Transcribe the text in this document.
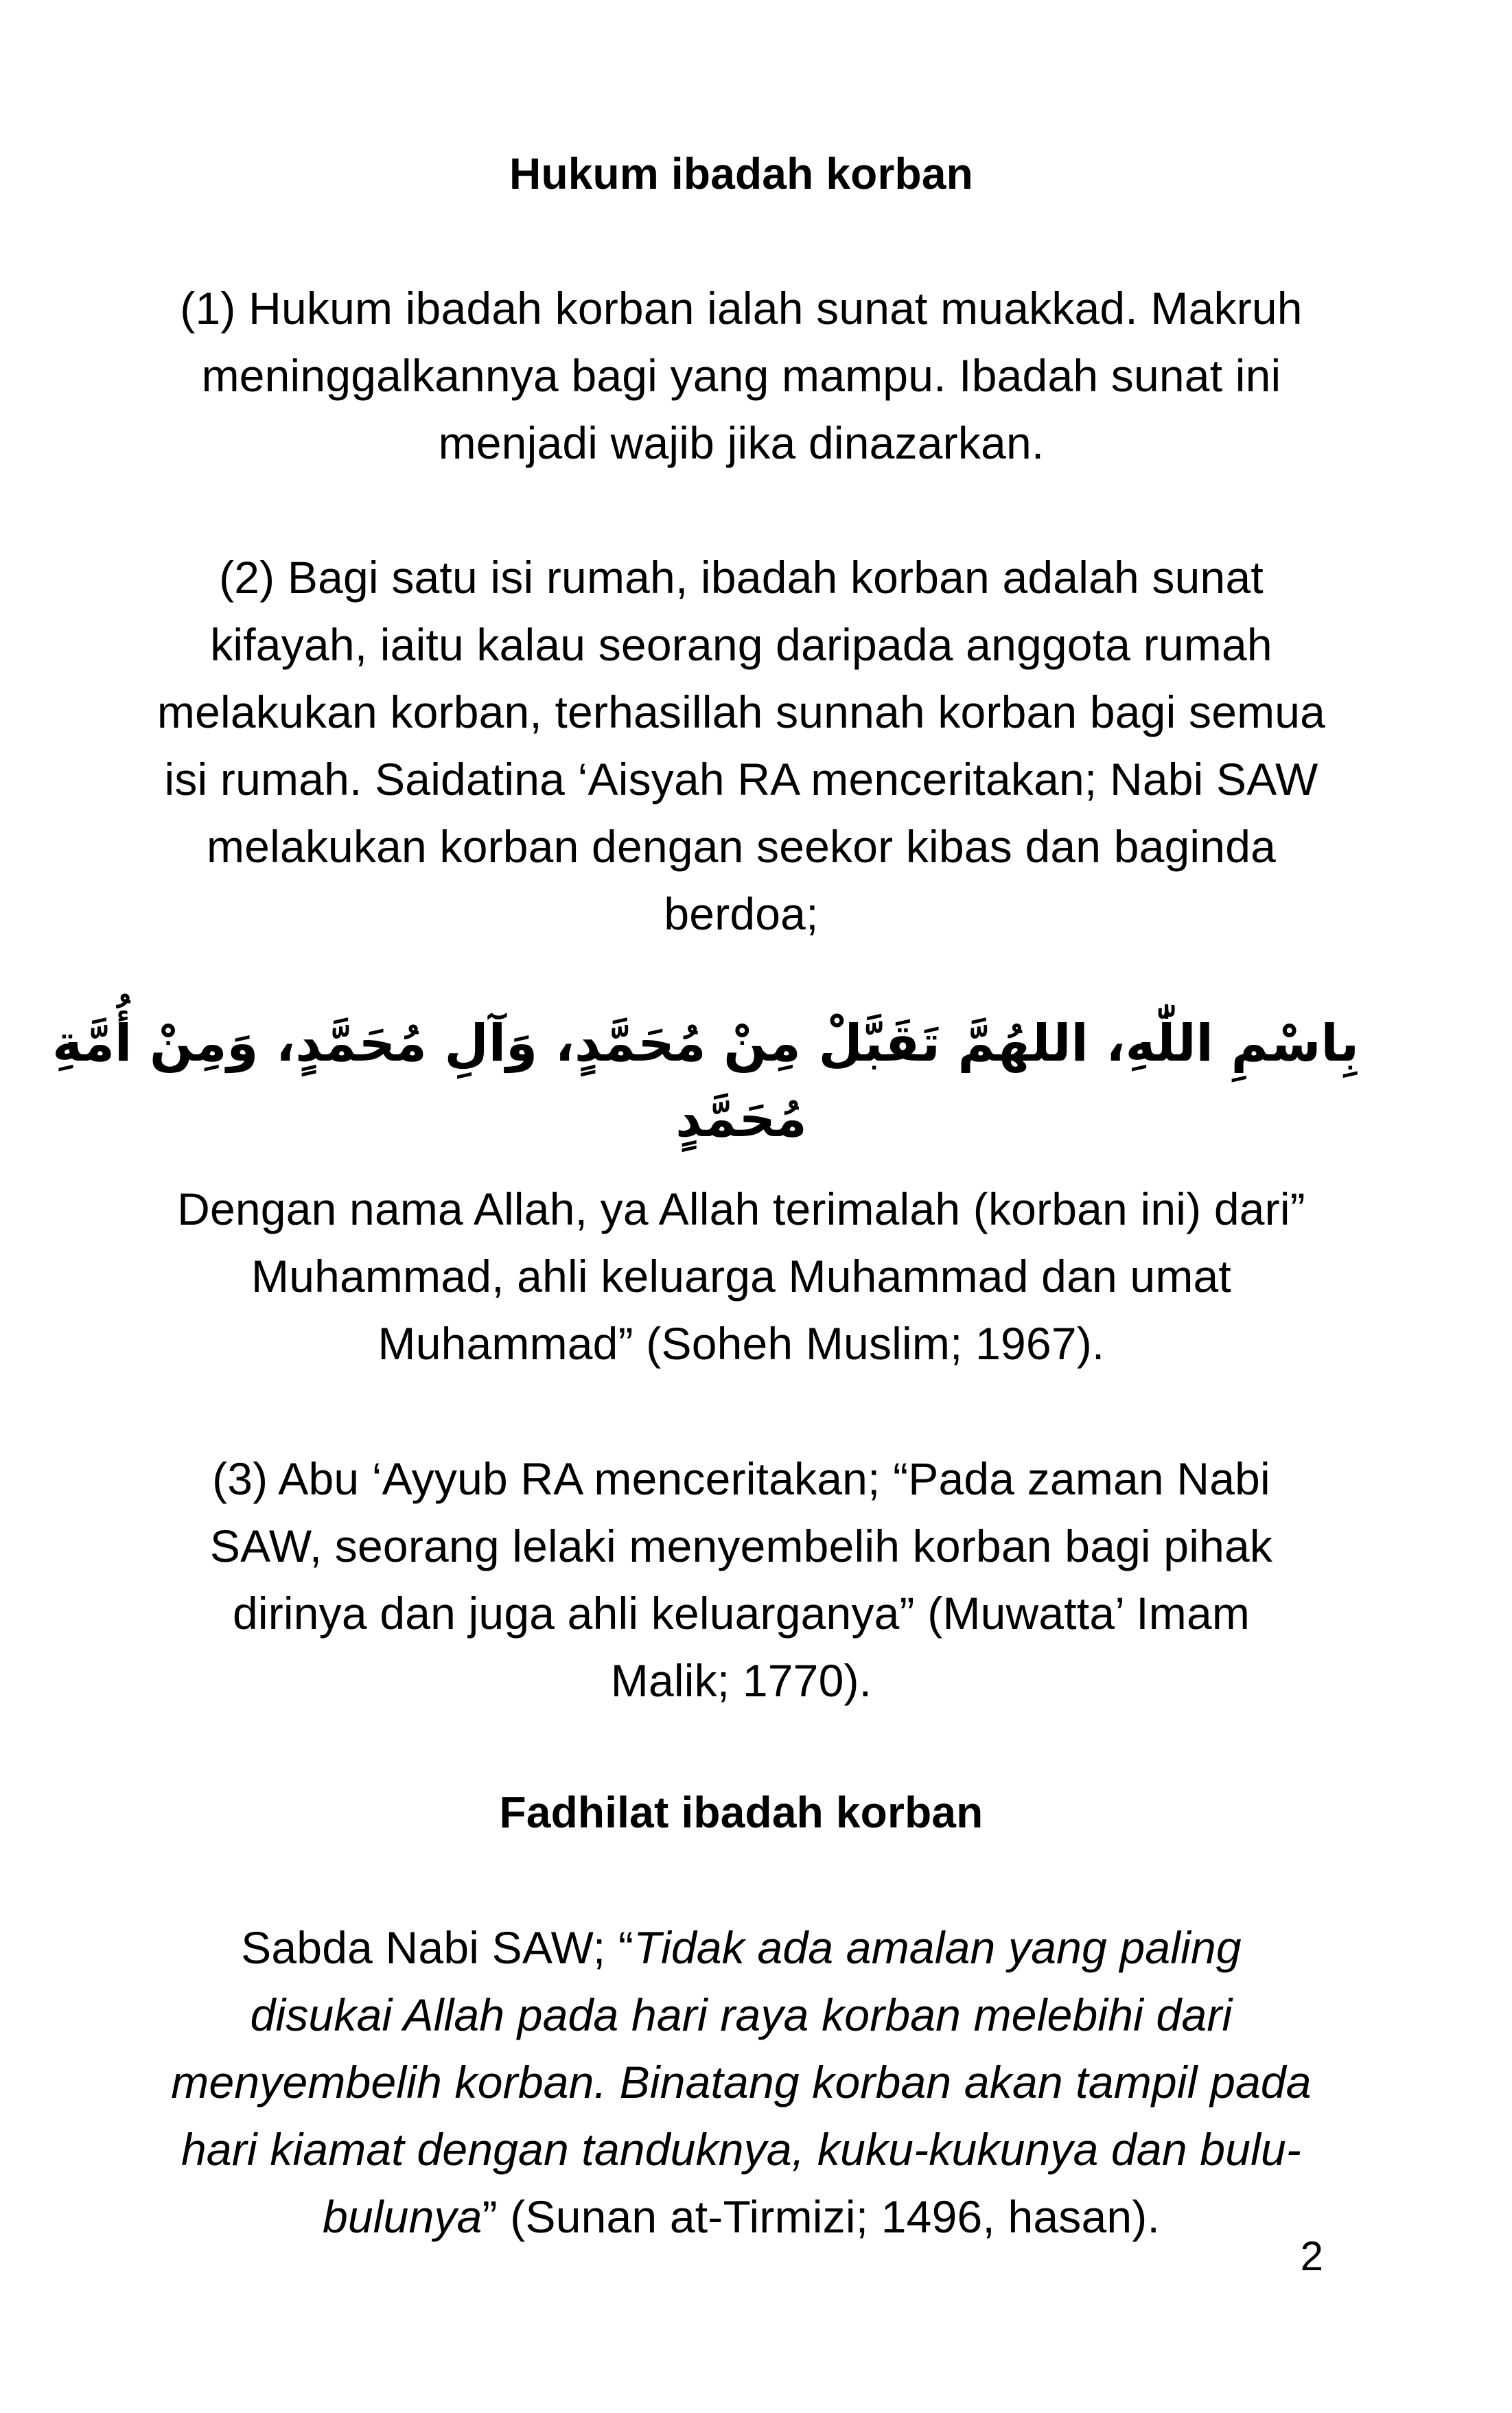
Hukum ibadah korban
(1) Hukum ibadah korban ialah sunat muakkad. Makruh
meninggalkannya bagi yang mampu. Ibadah sunat ini
menjadi wajib jika dinazarkan.
(2) Bagi satu isi rumah, ibadah korban adalah sunat
kifayah, iaitu kalau seorang daripada anggota rumah
melakukan korban, terhasillah sunnah korban bagi semua
isi rumah. Saidatina ‘Aisyah RA menceritakan; Nabi SAW
melakukan korban dengan seekor kibas dan baginda
berdoa;
بِاسْمِ اللّٰهِ، اللهُمَّ تَقَبَّلْ مِنْ مُحَمَّدٍ، وَآلِ مُحَمَّدٍ، وَمِنْ أُمَّةِ
مُحَمَّدٍ
Dengan nama Allah, ya Allah terimalah (korban ini) dari”
Muhammad, ahli keluarga Muhammad dan umat
Muhammad” (Soheh Muslim; 1967).
(3) Abu ‘Ayyub RA menceritakan; “Pada zaman Nabi
SAW, seorang lelaki menyembelih korban bagi pihak
dirinya dan juga ahli keluarganya” (Muwatta’ Imam
Malik; 1770).
Fadhilat ibadah korban
Sabda Nabi SAW; “Tidak ada amalan yang paling
disukai Allah pada hari raya korban melebihi dari
menyembelih korban. Binatang korban akan tampil pada
hari kiamat dengan tanduknya, kuku-kukunya dan bulu-
bulunya” (Sunan at-Tirmizi; 1496, hasan).
2
